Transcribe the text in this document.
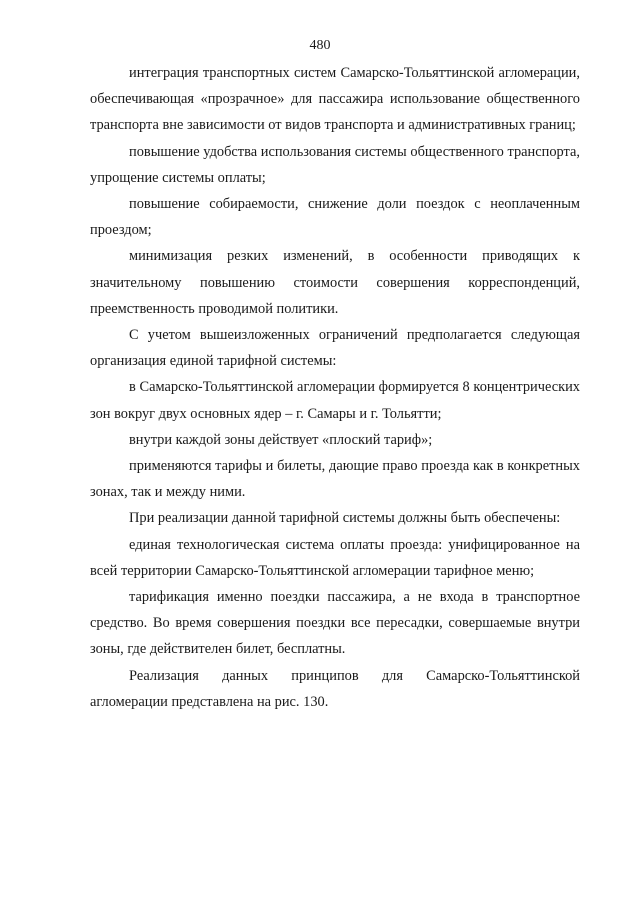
480

интеграция транспортных систем Самарско-Тольяттинской агломерации, обеспечивающая «прозрачное» для пассажира использование общественного транспорта вне зависимости от видов транспорта и административных границ;

повышение удобства использования системы общественного транспорта, упрощение системы оплаты;

повышение собираемости, снижение доли поездок с неоплаченным проездом;

минимизация резких изменений, в особенности приводящих к значительному повышению стоимости совершения корреспонденций, преемственность проводимой политики.

С учетом вышеизложенных ограничений предполагается следующая организация единой тарифной системы:

в Самарско-Тольяттинской агломерации формируется 8 концентрических зон вокруг двух основных ядер – г. Самары и г. Тольятти;

внутри каждой зоны действует «плоский тариф»;

применяются тарифы и билеты, дающие право проезда как в конкретных зонах, так и между ними.

При реализации данной тарифной системы должны быть обеспечены:

единая технологическая система оплаты проезда: унифицированное на всей территории Самарско-Тольяттинской агломерации тарифное меню;

тарификация именно поездки пассажира, а не входа в транспортное средство. Во время совершения поездки все пересадки, совершаемые внутри зоны, где действителен билет, бесплатны.

Реализация данных принципов для Самарско-Тольяттинской агломерации представлена на рис. 130.
